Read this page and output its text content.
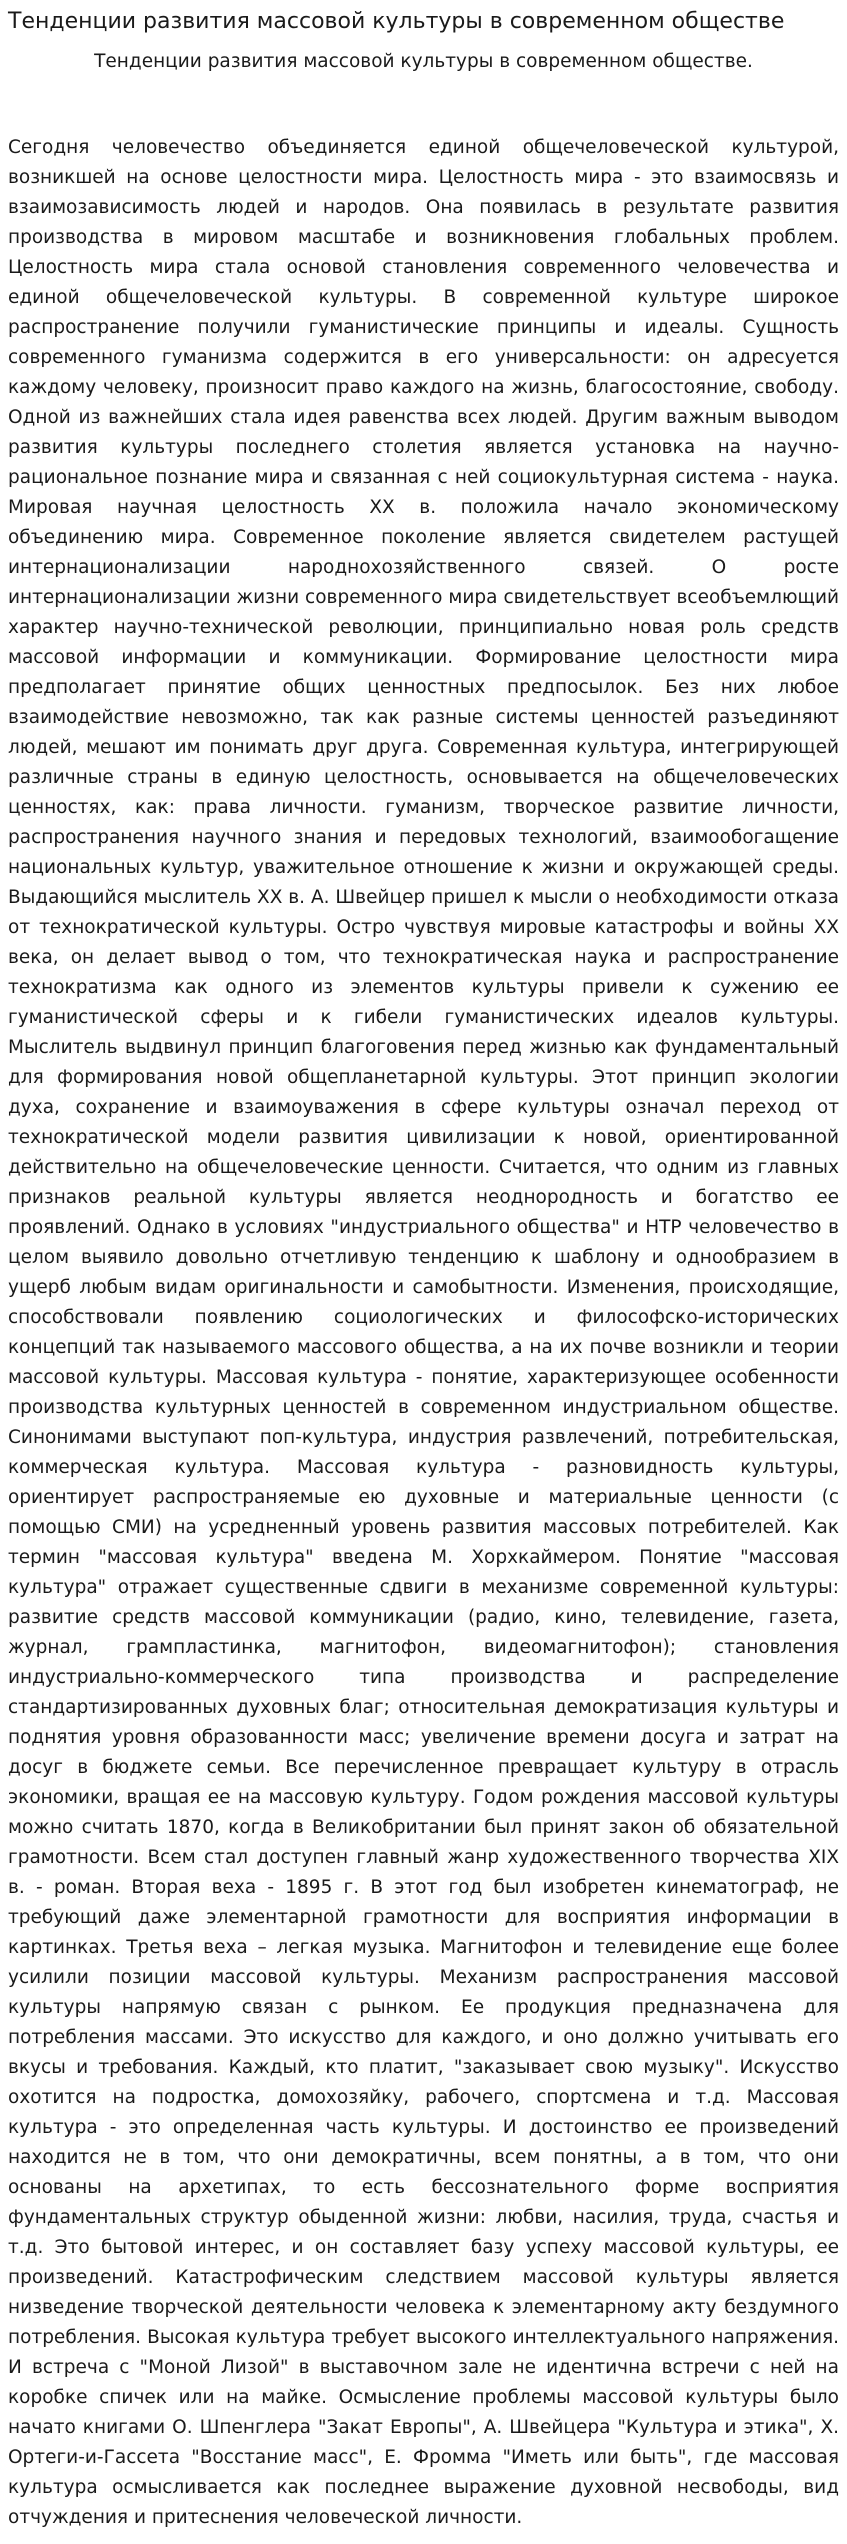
Тенденции развития массовой культуры в современном обществе

Тенденции развития массовой культуры в современном обществе.

Сегодня человечество объединяется единой общечеловеческой культурой, возникшей на основе целостности мира. Целостность мира - это взаимосвязь и взаимозависимость людей и народов. Она появилась в результате развития производства в мировом масштабе и возникновения глобальных проблем. Целостность мира стала основой становления современного человечества и единой общечеловеческой культуры. В современной культуре широкое распространение получили гуманистические принципы и идеалы. Сущность современного гуманизма содержится в его универсальности: он адресуется каждому человеку, произносит право каждого на жизнь, благосостояние, свободу. Одной из важнейших стала идея равенства всех людей. Другим важным выводом развития культуры последнего столетия является установка на научно-рациональное познание мира и связанная с ней социокультурная система - наука. Мировая научная целостность XX в. положила начало экономическому объединению мира. Современное поколение является свидетелем растущей интернационализации народнохозяйственного связей. О росте интернационализации жизни современного мира свидетельствует всеобъемлющий характер научно-технической революции, принципиально новая роль средств массовой информации и коммуникации. Формирование целостности мира предполагает принятие общих ценностных предпосылок. Без них любое взаимодействие невозможно, так как разные системы ценностей разъединяют людей, мешают им понимать друг друга. Современная культура, интегрирующей различные страны в единую целостность, основывается на общечеловеческих ценностях, как: права личности. гуманизм, творческое развитие личности, распространения научного знания и передовых технологий, взаимообогащение национальных культур, уважительное отношение к жизни и окружающей среды. Выдающийся мыслитель XX в. А. Швейцер пришел к мысли о необходимости отказа от технократической культуры. Остро чувствуя мировые катастрофы и войны XX века, он делает вывод о том, что технократическая наука и распространение технократизма как одного из элементов культуры привели к сужению ее гуманистической сферы и к гибели гуманистических идеалов культуры. Мыслитель выдвинул принцип благоговения перед жизнью как фундаментальный для формирования новой общепланетарной культуры. Этот принцип экологии духа, сохранение и взаимоуважения в сфере культуры означал переход от технократической модели развития цивилизации к новой, ориентированной действительно на общечеловеческие ценности. Считается, что одним из главных признаков реальной культуры является неоднородность и богатство ее проявлений. Однако в условиях "индустриального общества" и НТР человечество в целом выявило довольно отчетливую тенденцию к шаблону и однообразием в ущерб любым видам оригинальности и самобытности. Изменения, происходящие, способствовали появлению социологических и философско-исторических концепций так называемого массового общества, а на их почве возникли и теории массовой культуры. Массовая культура - понятие, характеризующее особенности производства культурных ценностей в современном индустриальном обществе. Синонимами выступают поп-культура, индустрия развлечений, потребительская, коммерческая культура. Массовая культура - разновидность культуры, ориентирует распространяемые ею духовные и материальные ценности (с помощью СМИ) на усредненный уровень развития массовых потребителей. Как термин "массовая культура" введена М. Хорхкаймером. Понятие "массовая культура" отражает существенные сдвиги в механизме современной культуры: развитие средств массовой коммуникации (радио, кино, телевидение, газета, журнал, грампластинка, магнитофон, видеомагнитофон); становления индустриально-коммерческого типа производства и распределение стандартизированных духовных благ; относительная демократизация культуры и поднятия уровня образованности масс; увеличение времени досуга и затрат на досуг в бюджете семьи. Все перечисленное превращает культуру в отрасль экономики, вращая ее на массовую культуру. Годом рождения массовой культуры можно считать 1870, когда в Великобритании был принят закон об обязательной грамотности. Всем стал доступен главный жанр художественного творчества XIX в. - роман. Вторая веха - 1895 г. В этот год был изобретен кинематограф, не требующий даже элементарной грамотности для восприятия информации в картинках. Третья веха – легкая музыка. Магнитофон и телевидение еще более усилили позиции массовой культуры. Механизм распространения массовой культуры напрямую связан с рынком. Ее продукция предназначена для потребления массами. Это искусство для каждого, и оно должно учитывать его вкусы и требования. Каждый, кто платит, "заказывает свою музыку". Искусство охотится на подростка, домохозяйку, рабочего, спортсмена и т.д. Массовая культура - это определенная часть культуры. И достоинство ее произведений находится не в том, что они демократичны, всем понятны, а в том, что они основаны на архетипах, то есть бессознательного форме восприятия фундаментальных структур обыденной жизни: любви, насилия, труда, счастья и т.д. Это бытовой интерес, и он составляет базу успеху массовой культуры, ее произведений. Катастрофическим следствием массовой культуры является низведение творческой деятельности человека к элементарному акту бездумного потребления. Высокая культура требует высокого интеллектуального напряжения. И встреча с "Моной Лизой" в выставочном зале не идентична встречи с ней на коробке спичек или на майке. Осмысление проблемы массовой культуры было начато книгами О. Шпенглера "Закат Европы", А. Швейцера "Культура и этика", Х. Ортеги-и-Гассета "Восстание масс", Е. Фромма "Иметь или быть", где массовая культура осмысливается как последнее выражение духовной несвободы, вид отчуждения и притеснения человеческой личности.
